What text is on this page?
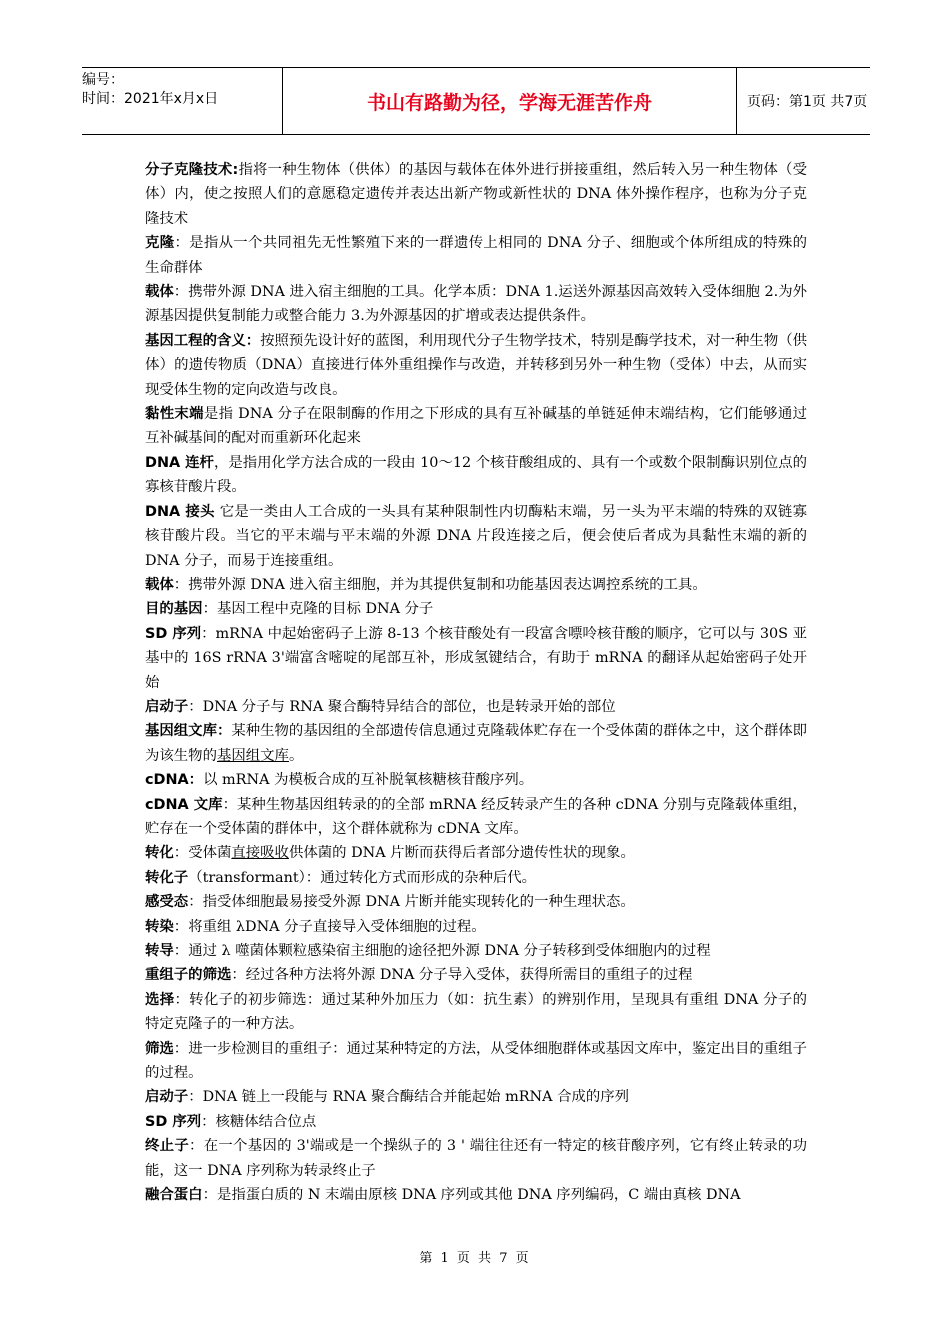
编号：
时间：2021年x月x日	书山有路勤为径，学海无涯苦作舟	页码：第1页 共7页

分子克隆技术:指将一种生物体（供体）的基因与载体在体外进行拼接重组，然后转入另一种生物体（受体）内，使之按照人们的意愿稳定遗传并表达出新产物或新性状的 DNA 体外操作程序，也称为分子克隆技术

克隆：是指从一个共同祖先无性繁殖下来的一群遗传上相同的 DNA 分子、细胞或个体所组成的特殊的生命群体

载体：携带外源 DNA 进入宿主细胞的工具。化学本质：DNA 1.运送外源基因高效转入受体细胞 2.为外源基因提供复制能力或整合能力 3.为外源基因的扩增或表达提供条件。

基因工程的含义：按照预先设计好的蓝图，利用现代分子生物学技术，特别是酶学技术，对一种生物（供体）的遗传物质（DNA）直接进行体外重组操作与改造，并转移到另外一种生物（受体）中去，从而实现受体生物的定向改造与改良。

黏性末端是指 DNA 分子在限制酶的作用之下形成的具有互补碱基的单链延伸末端结构，它们能够通过互补碱基间的配对而重新环化起来

DNA 连杆，是指用化学方法合成的一段由 10～12 个核苷酸组成的、具有一个或数个限制酶识别位点的寡核苷酸片段。

DNA 接头 它是一类由人工合成的一头具有某种限制性内切酶粘末端，另一头为平末端的特殊的双链寡核苷酸片段。当它的平末端与平末端的外源 DNA 片段连接之后，便会使后者成为具黏性末端的新的 DNA 分子，而易于连接重组。

载体：携带外源 DNA 进入宿主细胞，并为其提供复制和功能基因表达调控系统的工具。

目的基因：基因工程中克隆的目标 DNA 分子

SD 序列：mRNA 中起始密码子上游 8-13 个核苷酸处有一段富含嘌呤核苷酸的顺序，它可以与 30S 亚基中的 16S rRNA 3'端富含嘧啶的尾部互补，形成氢键结合，有助于 mRNA 的翻译从起始密码子处开始

启动子：DNA 分子与 RNA 聚合酶特异结合的部位，也是转录开始的部位

基因组文库：某种生物的基因组的全部遗传信息通过克隆载体贮存在一个受体菌的群体之中，这个群体即为该生物的基因组文库。

cDNA：以 mRNA 为模板合成的互补脱氧核糖核苷酸序列。

cDNA 文库：某种生物基因组转录的的全部 mRNA 经反转录产生的各种 cDNA 分别与克隆载体重组，贮存在一个受体菌的群体中，这个群体就称为 cDNA 文库。

转化：受体菌直接吸收供体菌的 DNA 片断而获得后者部分遗传性状的现象。

转化子（transformant）：通过转化方式而形成的杂种后代。

感受态：指受体细胞最易接受外源 DNA 片断并能实现转化的一种生理状态。

转染：将重组 λDNA 分子直接导入受体细胞的过程。

转导：通过 λ 噬菌体颗粒感染宿主细胞的途径把外源 DNA 分子转移到受体细胞内的过程

重组子的筛选：经过各种方法将外源 DNA 分子导入受体，获得所需目的重组子的过程

选择：转化子的初步筛选：通过某种外加压力（如：抗生素）的辨别作用，呈现具有重组 DNA 分子的特定克隆子的一种方法。

筛选：进一步检测目的重组子：通过某种特定的方法，从受体细胞群体或基因文库中，鉴定出目的重组子的过程。

启动子：DNA 链上一段能与 RNA 聚合酶结合并能起始 mRNA 合成的序列

SD 序列：核糖体结合位点

终止子：在一个基因的 3'端或是一个操纵子的 3 ' 端往往还有一特定的核苷酸序列，它有终止转录的功能，这一 DNA 序列称为转录终止子

融合蛋白：是指蛋白质的 N 末端由原核 DNA 序列或其他 DNA 序列编码，C 端由真核 DNA

第 1 页 共 7 页
